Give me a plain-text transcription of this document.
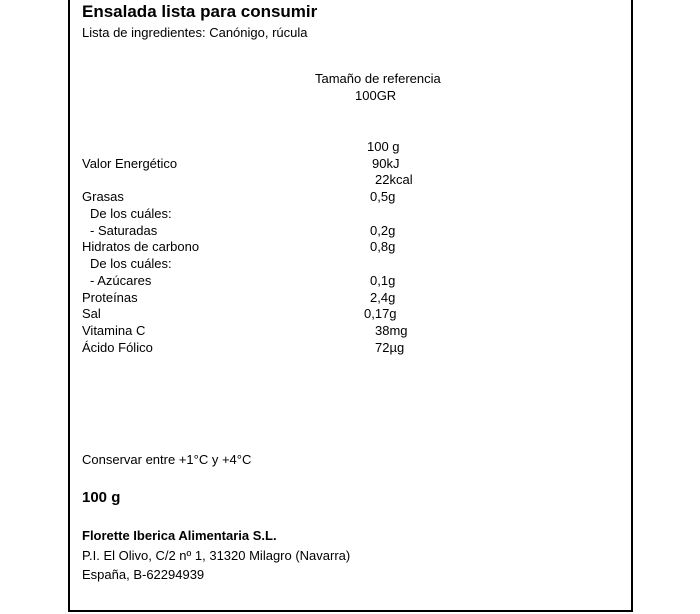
Ensalada lista para consumir
Lista de ingredientes: Canónigo, rúcula
Tamaño de referencia
100GR
100 g
Valor Energético	90kJ
22kcal
Grasas	0,5g
De los cuáles:
- Saturadas	0,2g
Hidratos de carbono	0,8g
De los cuáles:
- Azúcares	0,1g
Proteínas	2,4g
Sal	0,17g
Vitamina C	38mg
Ácido Fólico	72µg
Conservar entre +1°C y +4°C
100 g
Florette Iberica Alimentaria S.L.
P.I. El Olivo, C/2 nº 1, 31320 Milagro (Navarra)
España, B-62294939
